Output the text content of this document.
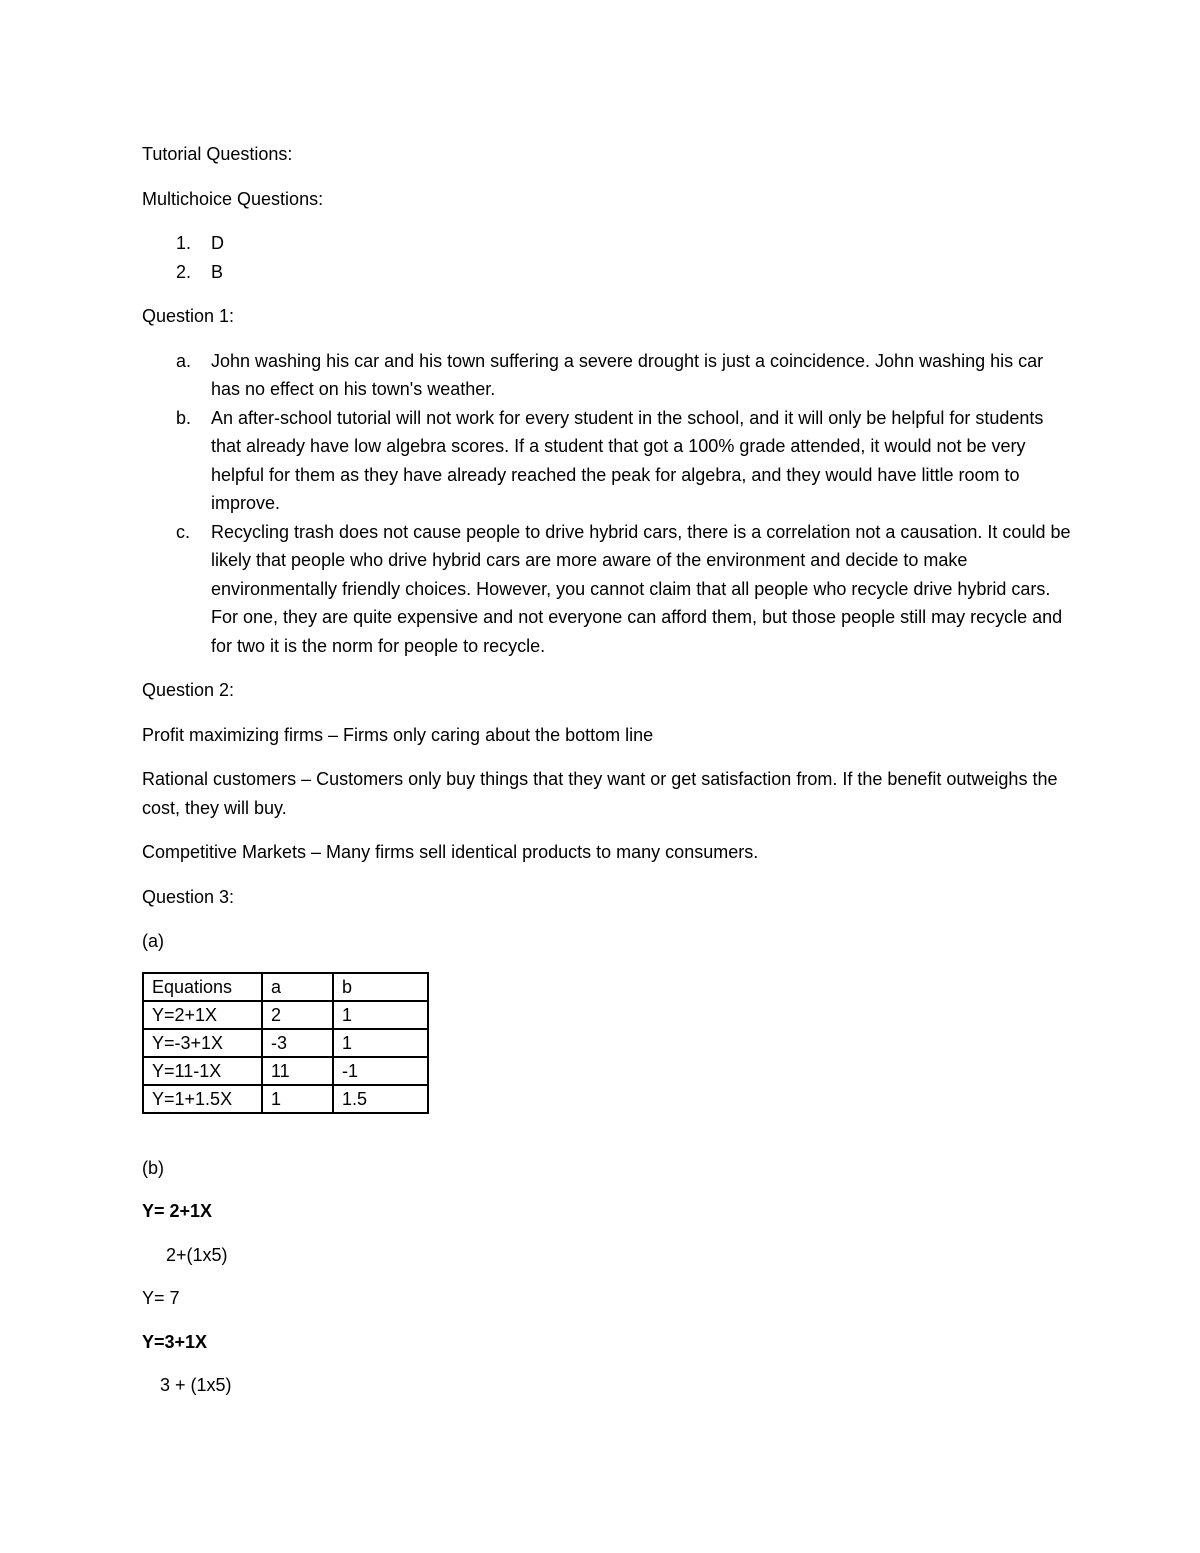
Tutorial Questions:

Multichoice Questions:

1. D
2. B

Question 1:

a. John washing his car and his town suffering a severe drought is just a coincidence. John washing his car has no effect on his town's weather.
b. An after-school tutorial will not work for every student in the school, and it will only be helpful for students that already have low algebra scores. If a student that got a 100% grade attended, it would not be very helpful for them as they have already reached the peak for algebra, and they would have little room to improve.
c. Recycling trash does not cause people to drive hybrid cars, there is a correlation not a causation. It could be likely that people who drive hybrid cars are more aware of the environment and decide to make environmentally friendly choices. However, you cannot claim that all people who recycle drive hybrid cars. For one, they are quite expensive and not everyone can afford them, but those people still may recycle and for two it is the norm for people to recycle.

Question 2:

Profit maximizing firms – Firms only caring about the bottom line

Rational customers – Customers only buy things that they want or get satisfaction from. If the benefit outweighs the cost, they will buy.

Competitive Markets – Many firms sell identical products to many consumers.

Question 3:

(a)

Equations	a	b
Y=2+1X	2	1
Y=-3+1X	-3	1
Y=11-1X	11	-1
Y=1+1.5X	1	1.5

(b)

Y= 2+1X

2+(1x5)

Y= 7

Y=3+1X

3 + (1x5)
